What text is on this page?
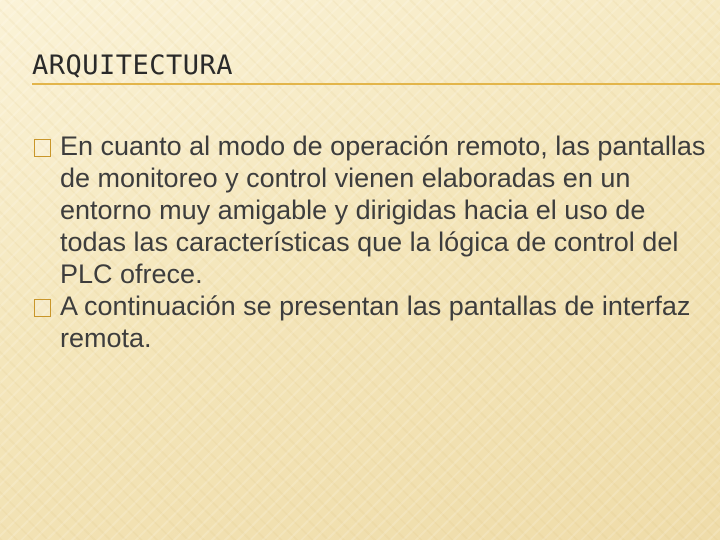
ARQUITECTURA
En cuanto al modo de operación remoto, las pantallas de monitoreo y control vienen elaboradas en un entorno muy amigable y dirigidas hacia el uso de todas las características que la lógica de control del PLC ofrece.
A continuación se presentan las pantallas de interfaz remota.
